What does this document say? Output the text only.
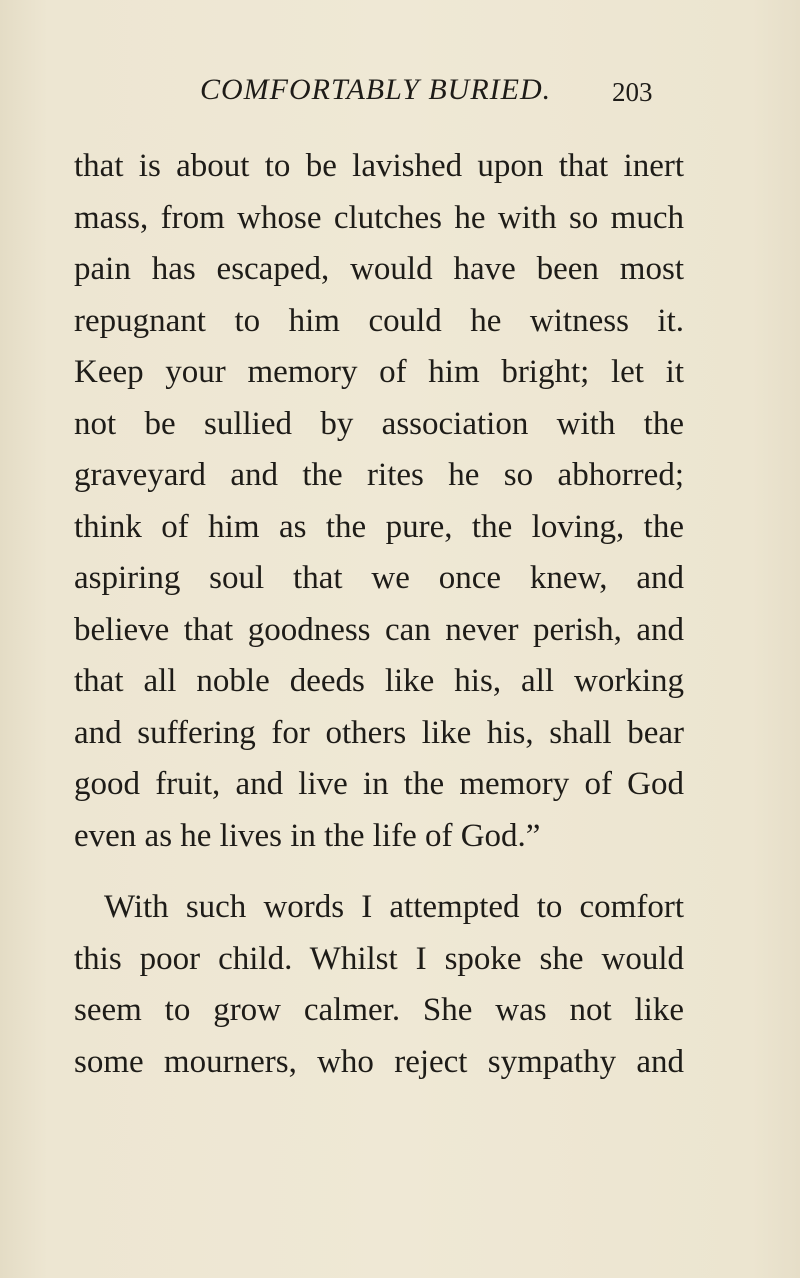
COMFORTABLY BURIED. 203
that is about to be lavished upon that inert
mass, from whose clutches he with so much
pain has escaped, would have been most
repugnant to him could he witness it.
Keep your memory of him bright; let it
not be sullied by association with the
graveyard and the rites he so abhorred;
think of him as the pure, the loving, the
aspiring soul that we once knew, and
believe that goodness can never perish, and
that all noble deeds like his, all working
and suffering for others like his, shall bear
good fruit, and live in the memory of God
even as he lives in the life of God.”
With such words I attempted to comfort
this poor child. Whilst I spoke she would
seem to grow calmer. She was not like
some mourners, who reject sympathy and
